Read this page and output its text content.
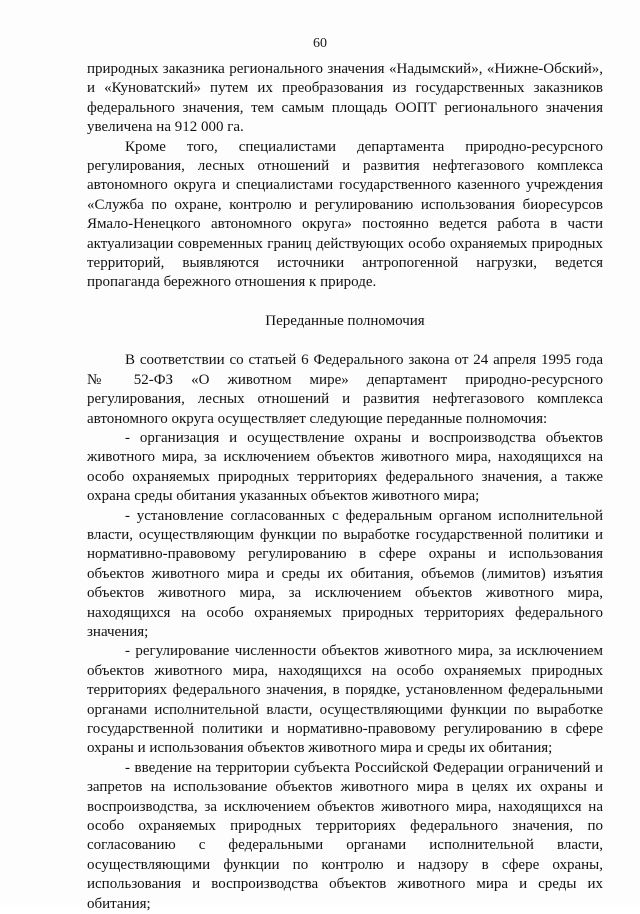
60

природных заказника регионального значения «Надымский», «Нижне-Обский», и «Куноватский» путем их преобразования из государственных заказников федерального значения, тем самым площадь ООПТ регионального значения увеличена на 912 000 га.

Кроме того, специалистами департамента природно-ресурсного регулирования, лесных отношений и развития нефтегазового комплекса автономного округа и специалистами государственного казенного учреждения «Служба по охране, контролю и регулированию использования биоресурсов Ямало-Ненецкого автономного округа» постоянно ведется работа в части актуализации современных границ действующих особо охраняемых природных территорий, выявляются источники антропогенной нагрузки, ведется пропаганда бережного отношения к природе.

Переданные полномочия

В соответствии со статьей 6 Федерального закона от 24 апреля 1995 года № 52-ФЗ «О животном мире» департамент природно-ресурсного регулирования, лесных отношений и развития нефтегазового комплекса автономного округа осуществляет следующие переданные полномочия:

- организация и осуществление охраны и воспроизводства объектов животного мира, за исключением объектов животного мира, находящихся на особо охраняемых природных территориях федерального значения, а также охрана среды обитания указанных объектов животного мира;

- установление согласованных с федеральным органом исполнительной власти, осуществляющим функции по выработке государственной политики и нормативно-правовому регулированию в сфере охраны и использования объектов животного мира и среды их обитания, объемов (лимитов) изъятия объектов животного мира, за исключением объектов животного мира, находящихся на особо охраняемых природных территориях федерального значения;

- регулирование численности объектов животного мира, за исключением объектов животного мира, находящихся на особо охраняемых природных территориях федерального значения, в порядке, установленном федеральными органами исполнительной власти, осуществляющими функции по выработке государственной политики и нормативно-правовому регулированию в сфере охраны и использования объектов животного мира и среды их обитания;

- введение на территории субъекта Российской Федерации ограничений и запретов на использование объектов животного мира в целях их охраны и воспроизводства, за исключением объектов животного мира, находящихся на особо охраняемых природных территориях федерального значения, по согласованию с федеральными органами исполнительной власти, осуществляющими функции по контролю и надзору в сфере охраны, использования и воспроизводства объектов животного мира и среды их обитания;
